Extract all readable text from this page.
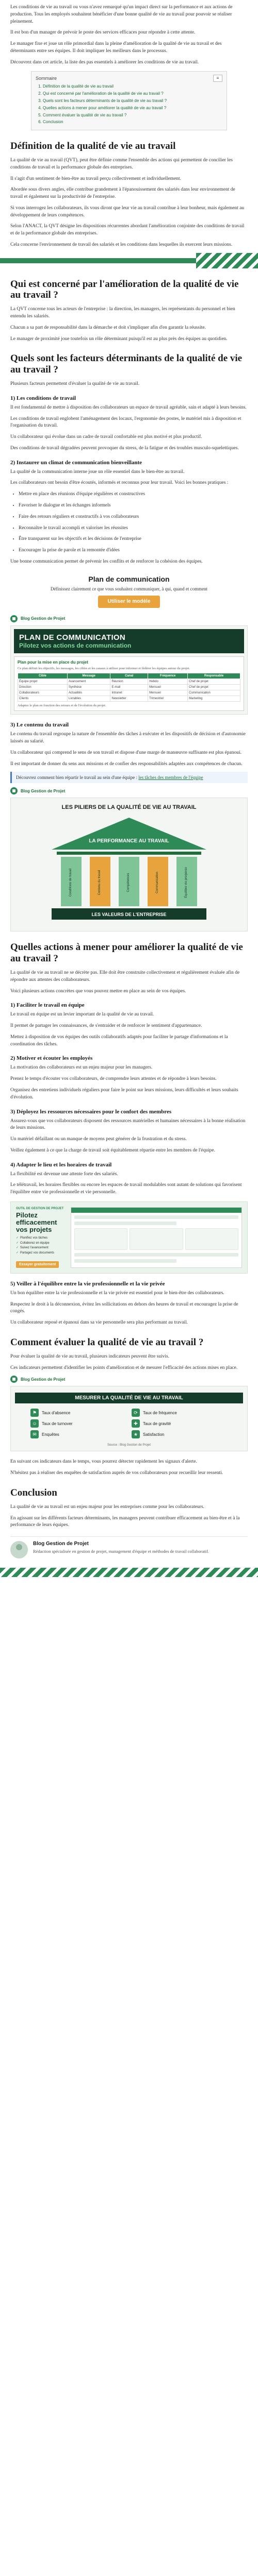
Les conditions de vie au travail ou vous n'avez remarqué qu'un impact direct sur la performance et aux actions de production. Tous les employés souhaitent bénéficier d'une bonne qualité de vie au travail pour pouvoir se réaliser pleinement.

Il est bon d'un manager de prévoir le poste des services efficaces pour répondre à cette attente.

Le manager fixe et joue un rôle primordial dans la pleine d'amélioration de la qualité de vie au travail et des déterminants entre ses équipes. Il doit impliquer les meilleurs dans le processus.

Découvrez dans cet article, la liste des pas essentiels à améliorer les conditions de vie au travail.

Sommaire	≡
1. Définition de la qualité de vie au travail
2. Qui est concerné par l'amélioration de la qualité de vie au travail ?
3. Quels sont les facteurs déterminants de la qualité de vie au travail ?
4. Quelles actions à mener pour améliorer la qualité de vie au travail ?
5. Comment évaluer la qualité de vie au travail ?
6. Conclusion
Définition de la qualité de vie au travail

La qualité de vie au travail (QVT), peut être définie comme l'ensemble des actions qui permettent de concilier les conditions de travail et la performance globale des entreprises.

Il s'agit d'un sentiment de bien-être au travail perçu collectivement et individuellement.

Abordée sous divers angles, elle contribue grandement à l'épanouissement des salariés dans leur environnement de travail et également sur la productivité de l'entreprise.

Si vous interrogez les collaborateurs, ils vous diront que leur vie au travail contribue à leur bonheur, mais également au développement de leurs compétences.

Selon l'ANACT, la QVT désigne les dispositions récurrentes abordant l'amélioration conjointe des conditions de travail et de la performance globale des entreprises.

Cela concerne l'environnement de travail des salariés et les conditions dans lesquelles ils exercent leurs missions.

Qui est concerné par l'amélioration de la qualité de vie au travail ?

La QVT concerne tous les acteurs de l'entreprise : la direction, les managers, les représentants du personnel et bien entendu les salariés.

Chacun a sa part de responsabilité dans la démarche et doit s'impliquer afin d'en garantir la réussite.

Le manager de proximité joue toutefois un rôle déterminant puisqu'il est au plus près des équipes au quotidien.

Quels sont les facteurs déterminants de la qualité de vie au travail ?

Plusieurs facteurs permettent d'évaluer la qualité de vie au travail.

1) Les conditions de travail

Il est fondamental de mettre à disposition des collaborateurs un espace de travail agréable, sain et adapté à leurs besoins.

Les conditions de travail englobent l'aménagement des locaux, l'ergonomie des postes, le matériel mis à disposition et l'organisation du travail.

Un collaborateur qui évolue dans un cadre de travail confortable est plus motivé et plus productif.

Des conditions de travail dégradées peuvent provoquer du stress, de la fatigue et des troubles musculo-squelettiques.

2) Instaurer un climat de communication bienveillante

La qualité de la communication interne joue un rôle essentiel dans le bien-être au travail.

Les collaborateurs ont besoin d'être écoutés, informés et reconnus pour leur travail. Voici les bonnes pratiques :

• Mettre en place des réunions d'équipe régulières et constructives
• Favoriser le dialogue et les échanges informels
• Faire des retours réguliers et constructifs à vos collaborateurs
• Reconnaître le travail accompli et valoriser les réussites
• Être transparent sur les objectifs et les décisions de l'entreprise
• Encourager la prise de parole et la remontée d'idées

Une bonne communication permet de prévenir les conflits et de renforcer la cohésion des équipes.

Plan de communication
Définissez clairement ce que vous souhaitez communiquer, à qui, quand et comment
Utiliser le modèle
Blog Gestion de Projet
PLAN DE COMMUNICATION
Pilotez vos actions de communication
Plan pour la mise en place du projet
Ce plan définit les objectifs, les messages, les cibles et les canaux à utiliser pour informer et fédérer les équipes autour du projet.
Cible	Message	Canal	Fréquence	Responsable
Équipe projet	Avancement	Réunion	Hebdo	Chef de projet
Direction	Synthèse	E-mail	Mensuel	Chef de projet
Collaborateurs	Actualités	Intranet	Mensuel	Communication
Clients	Livrables	Newsletter	Trimestriel	Marketing
Adaptez le plan en fonction des retours et de l'évolution du projet.
3) Le contenu du travail

Le contenu du travail regroupe la nature de l'ensemble des tâches à exécuter et les dispositifs de décision et d'autonomie laissés au salarié.

Un collaborateur qui comprend le sens de son travail et dispose d'une marge de manœuvre suffisante est plus épanoui.

Il est important de donner du sens aux missions et de confier des responsabilités adaptées aux compétences de chacun.

Découvrez comment bien répartir le travail au sein d'une équipe : les tâches des membres de l'équipe
Blog Gestion de Projet
LES PILIERS DE LA QUALITÉ DE VIE AU TRAVAIL
LA PERFORMANCE AU TRAVAIL
Conditions de travail	Contenu du travail	Compétences	Communication	Équilibre vie pro/perso
LES VALEURS DE L'ENTREPRISE
Quelles actions à mener pour améliorer la qualité de vie au travail ?

La qualité de vie au travail ne se décrète pas. Elle doit être construite collectivement et régulièrement évaluée afin de répondre aux attentes des collaborateurs.

Voici plusieurs actions concrètes que vous pouvez mettre en place au sein de vos équipes.

1) Faciliter le travail en équipe

Le travail en équipe est un levier important de la qualité de vie au travail.

Il permet de partager les connaissances, de s'entraider et de renforcer le sentiment d'appartenance.

Mettez à disposition de vos équipes des outils collaboratifs adaptés pour faciliter le partage d'informations et la coordination des tâches.

2) Motiver et écouter les employés

La motivation des collaborateurs est un enjeu majeur pour les managers.

Prenez le temps d'écouter vos collaborateurs, de comprendre leurs attentes et de répondre à leurs besoins.

Organisez des entretiens individuels réguliers pour faire le point sur leurs missions, leurs difficultés et leurs souhaits d'évolution.

3) Déployez les ressources nécessaires pour le confort des membres

Assurez-vous que vos collaborateurs disposent des ressources matérielles et humaines nécessaires à la bonne réalisation de leurs missions.

Un matériel défaillant ou un manque de moyens peut générer de la frustration et du stress.

Veillez également à ce que la charge de travail soit équitablement répartie entre les membres de l'équipe.

4) Adapter le lieu et les horaires de travail

La flexibilité est devenue une attente forte des salariés.

Le télétravail, les horaires flexibles ou encore les espaces de travail modulables sont autant de solutions qui favorisent l'équilibre entre vie professionnelle et vie personnelle.

OUTIL DE GESTION DE PROJET
Pilotez efficacement vos projets
✓ Planifiez vos tâches
✓ Collaborez en équipe
✓ Suivez l'avancement
✓ Partagez vos documents
Essayer gratuitement
5) Veiller à l'équilibre entre la vie professionnelle et la vie privée

Un bon équilibre entre la vie professionnelle et la vie privée est essentiel pour le bien-être des collaborateurs.

Respectez le droit à la déconnexion, évitez les sollicitations en dehors des heures de travail et encouragez la prise de congés.

Un collaborateur reposé et épanoui dans sa vie personnelle sera plus performant au travail.

Comment évaluer la qualité de vie au travail ?

Pour évaluer la qualité de vie au travail, plusieurs indicateurs peuvent être suivis.

Ces indicateurs permettent d'identifier les points d'amélioration et de mesurer l'efficacité des actions mises en place.

Blog Gestion de Projet
MESURER LA QUALITÉ DE VIE AU TRAVAIL
⚑	Taux d'absence	⟳	Taux de fréquence
☺	Taux de turnover	✚	Taux de gravité
✉	Enquêtes	★	Satisfaction
Source : Blog Gestion de Projet

En suivant ces indicateurs dans le temps, vous pourrez détecter rapidement les signaux d'alerte.

N'hésitez pas à réaliser des enquêtes de satisfaction auprès de vos collaborateurs pour recueillir leur ressenti.

Conclusion

La qualité de vie au travail est un enjeu majeur pour les entreprises comme pour les collaborateurs.

En agissant sur les différents facteurs déterminants, les managers peuvent contribuer efficacement au bien-être et à la performance de leurs équipes.

Blog Gestion de Projet

Rédaction spécialisée en gestion de projet, management d'équipe et méthodes de travail collaboratif.
